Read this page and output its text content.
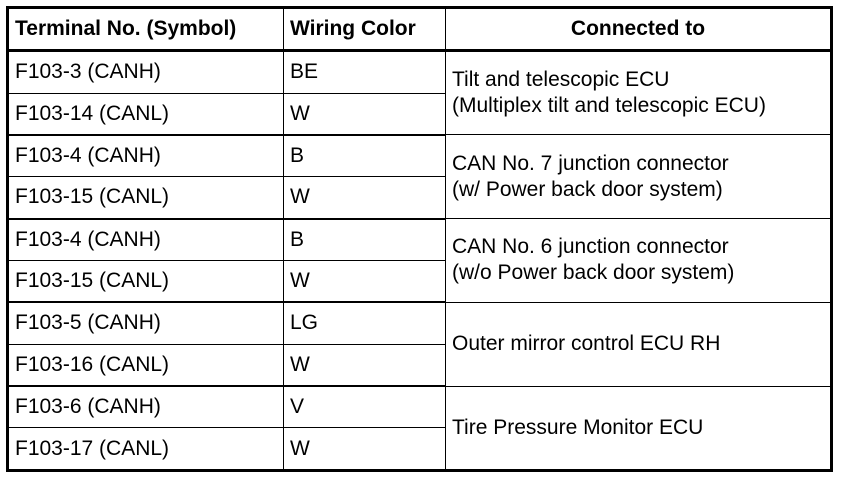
Terminal No. (Symbol)	Wiring Color	Connected to
F103-3 (CANH)	BE	Tilt and telescopic ECU
(Multiplex tilt and telescopic ECU)
F103-14 (CANL)	W	
F103-4 (CANH)	B	CAN No. 7 junction connector
(w/ Power back door system)
F103-15 (CANL)	W	
F103-4 (CANH)	B	CAN No. 6 junction connector
(w/o Power back door system)
F103-15 (CANL)	W	
F103-5 (CANH)	LG	Outer mirror control ECU RH
F103-16 (CANL)	W	
F103-6 (CANH)	V	Tire Pressure Monitor ECU
F103-17 (CANL)	W	
